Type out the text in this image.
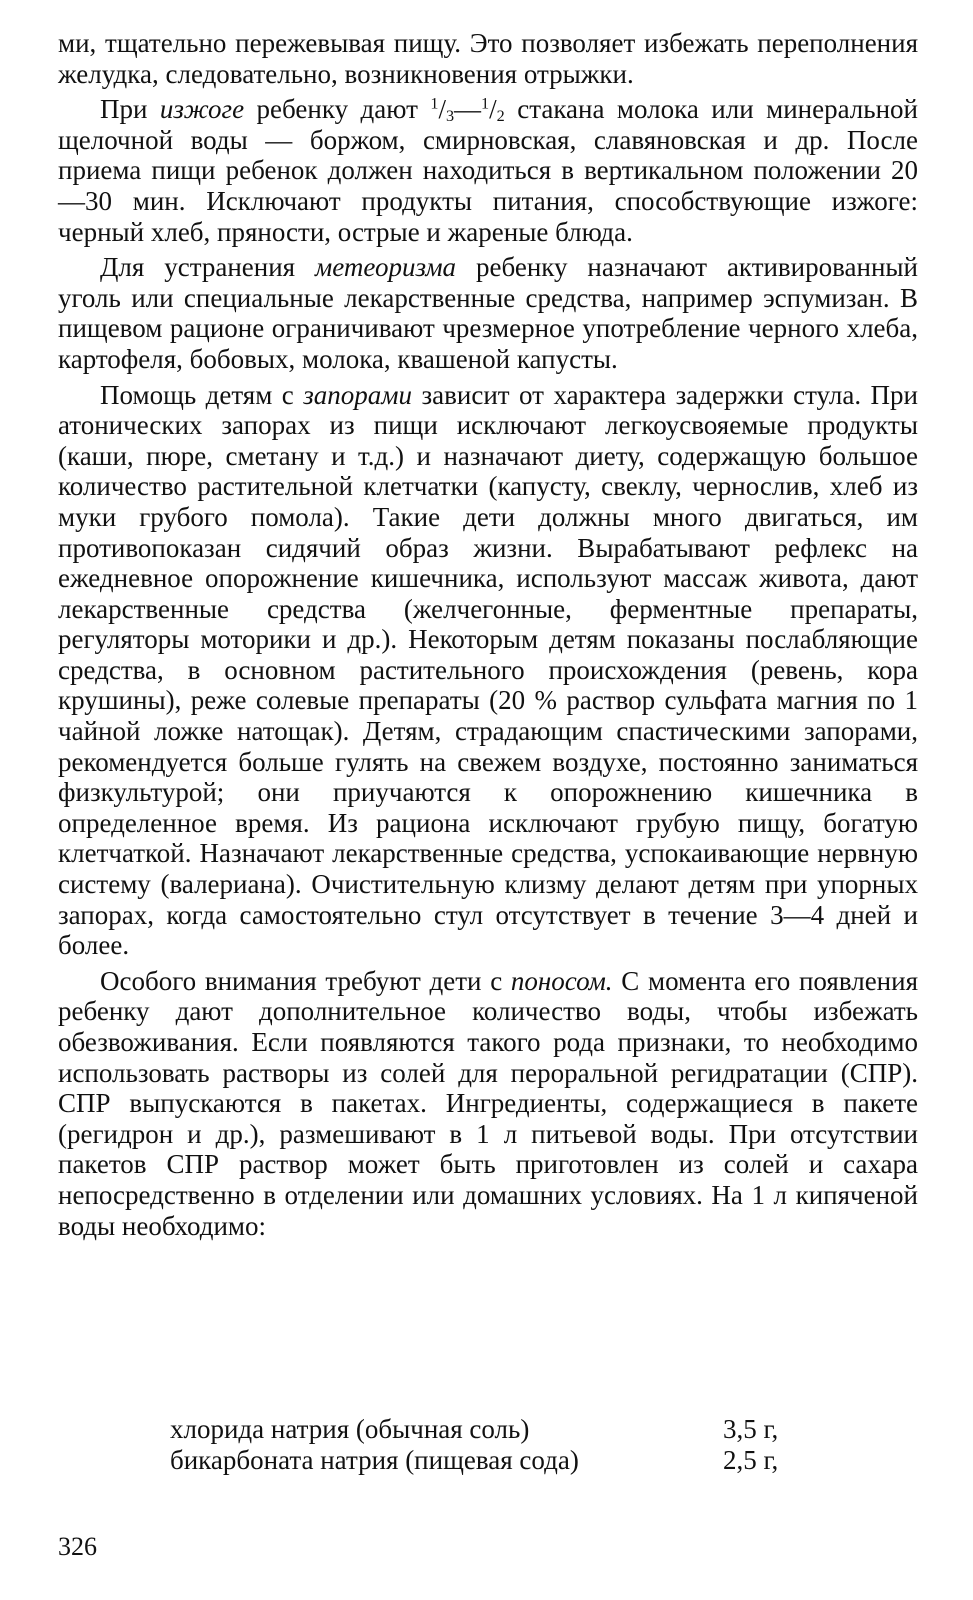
ми, тщательно пережевывая пищу. Это позволяет избежать переполнения желудка, следовательно, возникновения отрыжки.

При изжоге ребенку дают $^1/_3—^1/_2$ стакана молока или минеральной щелочной воды — боржом, смирновская, славяновская и др. После приема пищи ребенок должен находиться в вертикальном положении 20—30 мин. Исключают продукты питания, способствующие изжоге: черный хлеб, пряности, острые и жареные блюда.

Для устранения метеоризма ребенку назначают активированный уголь или специальные лекарственные средства, например эспумизан. В пищевом рационе ограничивают чрезмерное употребление черного хлеба, картофеля, бобовых, молока, квашеной капусты.

Помощь детям с запорами зависит от характера задержки стула. При атонических запорах из пищи исключают легкоусвояемые продукты (каши, пюре, сметану и т.д.) и назначают диету, содержащую большое количество растительной клетчатки (капусту, свеклу, чернослив, хлеб из муки грубого помола). Такие дети должны много двигаться, им противопоказан сидячий образ жизни. Вырабатывают рефлекс на ежедневное опорожнение кишечника, используют массаж живота, дают лекарственные средства (желчегонные, ферментные препараты, регуляторы моторики и др.). Некоторым детям показаны послабляющие средства, в основном растительного происхождения (ревень, кора крушины), реже солевые препараты (20 % раствор сульфата магния по 1 чайной ложке натощак). Детям, страдающим спастическими запорами, рекомендуется больше гулять на свежем воздухе, постоянно заниматься физкультурой; они приучаются к опорожнению кишечника в определенное время. Из рациона исключают грубую пищу, богатую клетчаткой. Назначают лекарственные средства, успокаивающие нервную систему (валериана). Очистительную клизму делают детям при упорных запорах, когда самостоятельно стул отсутствует в течение 3—4 дней и более.

Особого внимания требуют дети с поносом. С момента его появления ребенку дают дополнительное количество воды, чтобы избежать обезвоживания. Если появляются такого рода признаки, то необходимо использовать растворы из солей для пероральной регидратации (СПР). СПР выпускаются в пакетах. Ингредиенты, содержащиеся в пакете (регидрон и др.), размешивают в 1 л питьевой воды. При отсутствии пакетов СПР раствор может быть приготовлен из солей и сахара непосредственно в отделении или домашних условиях. На 1 л кипяченой воды необходимо:

хлорида натрия (обычная соль)	3,5 г,
бикарбоната натрия (пищевая сода)	2,5 г,
326
